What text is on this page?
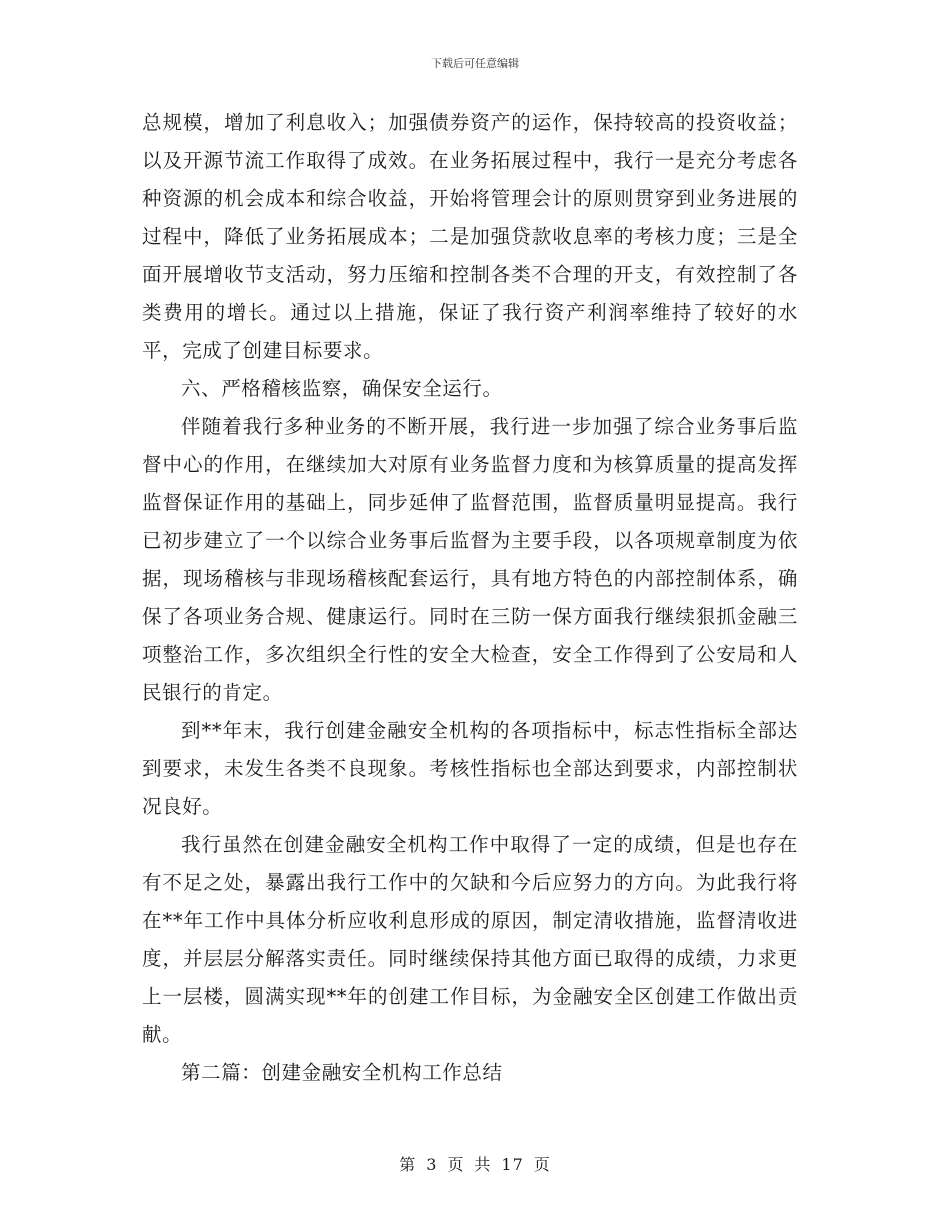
下载后可任意编辑

总规模，增加了利息收入；加强债券资产的运作，保持较高的投资收益；以及开源节流工作取得了成效。在业务拓展过程中，我行一是充分考虑各种资源的机会成本和综合收益，开始将管理会计的原则贯穿到业务进展的过程中，降低了业务拓展成本；二是加强贷款收息率的考核力度；三是全面开展增收节支活动，努力压缩和控制各类不合理的开支，有效控制了各类费用的增长。通过以上措施，保证了我行资产利润率维持了较好的水平，完成了创建目标要求。

六、严格稽核监察，确保安全运行。

伴随着我行多种业务的不断开展，我行进一步加强了综合业务事后监督中心的作用，在继续加大对原有业务监督力度和为核算质量的提高发挥监督保证作用的基础上，同步延伸了监督范围，监督质量明显提高。我行已初步建立了一个以综合业务事后监督为主要手段，以各项规章制度为依据，现场稽核与非现场稽核配套运行，具有地方特色的内部控制体系，确保了各项业务合规、健康运行。同时在三防一保方面我行继续狠抓金融三项整治工作，多次组织全行性的安全大检查，安全工作得到了公安局和人民银行的肯定。

到**年末，我行创建金融安全机构的各项指标中，标志性指标全部达到要求，未发生各类不良现象。考核性指标也全部达到要求，内部控制状况良好。

我行虽然在创建金融安全机构工作中取得了一定的成绩，但是也存在有不足之处，暴露出我行工作中的欠缺和今后应努力的方向。为此我行将在**年工作中具体分析应收利息形成的原因，制定清收措施，监督清收进度，并层层分解落实责任。同时继续保持其他方面已取得的成绩，力求更上一层楼，圆满实现**年的创建工作目标，为金融安全区创建工作做出贡献。

第二篇：创建金融安全机构工作总结

第 3 页 共 17 页
